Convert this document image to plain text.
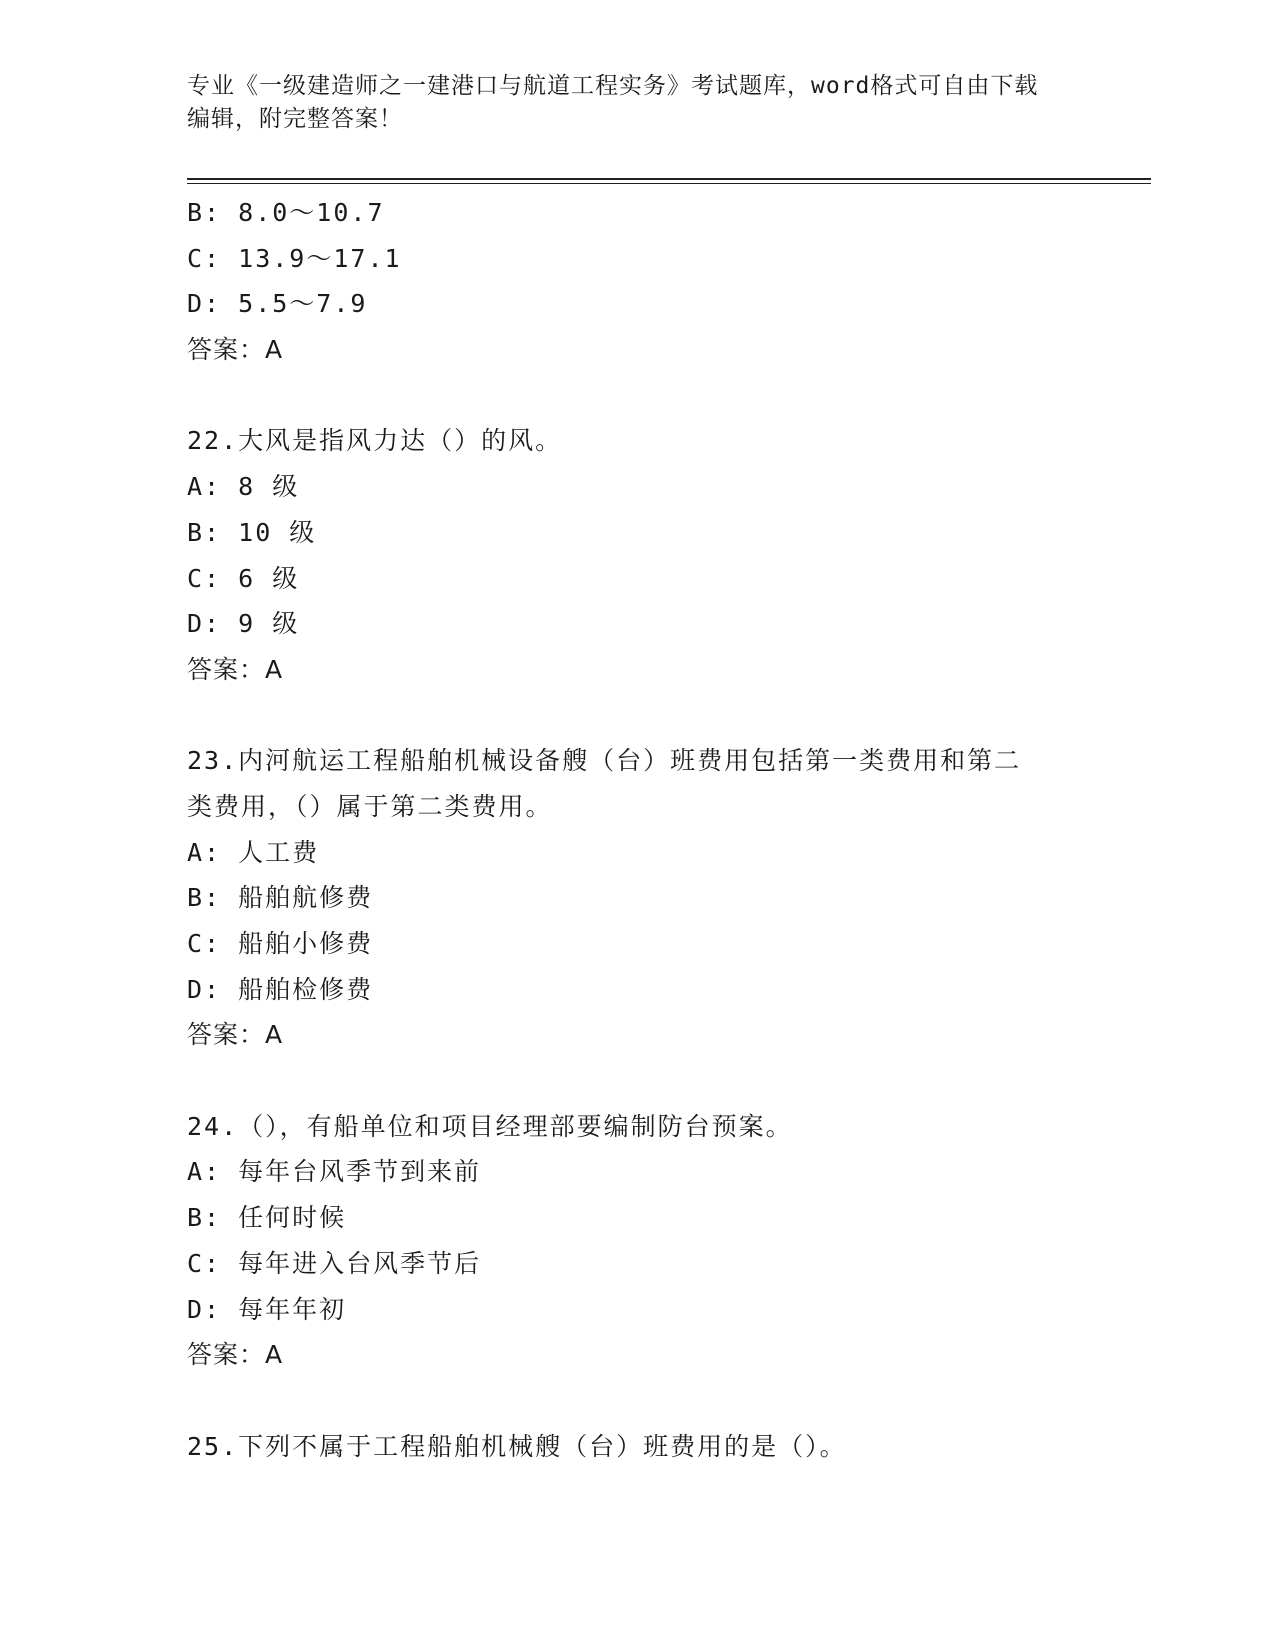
专业《一级建造师之一建港口与航道工程实务》考试题库，word格式可自由下载
编辑，附完整答案！
B: 8.0～10.7
C: 13.9～17.1
D: 5.5～7.9
答案：A
22.大风是指风力达（）的风。
A: 8 级
B: 10 级
C: 6 级
D: 9 级
答案：A
23.内河航运工程船舶机械设备艘（台）班费用包括第一类费用和第二
类费用，（）属于第二类费用。
A: 人工费
B: 船舶航修费
C: 船舶小修费
D: 船舶检修费
答案：A
24.（），有船单位和项目经理部要编制防台预案。
A: 每年台风季节到来前
B: 任何时候
C: 每年进入台风季节后
D: 每年年初
答案：A
25.下列不属于工程船舶机械艘（台）班费用的是（）。
